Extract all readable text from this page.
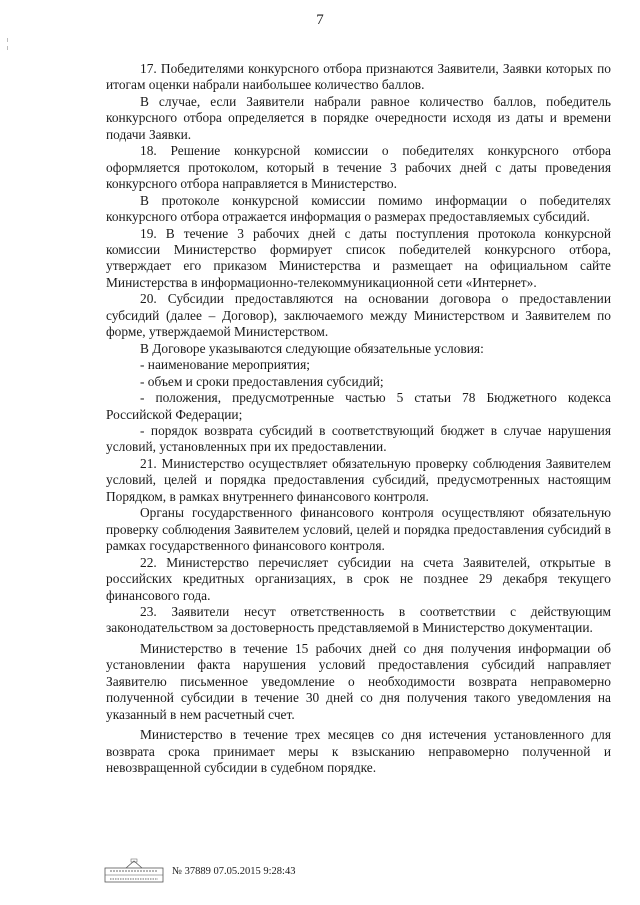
7

17. Победителями конкурсного отбора признаются Заявители, Заявки которых по итогам оценки набрали наибольшее количество баллов.

В случае, если Заявители набрали равное количество баллов, победитель конкурсного отбора определяется в порядке очередности исходя из даты и времени подачи Заявки.

18. Решение конкурсной комиссии о победителях конкурсного отбора оформляется протоколом, который в течение 3 рабочих дней с даты проведения конкурсного отбора направляется в Министерство.

В протоколе конкурсной комиссии помимо информации о победителях конкурсного отбора отражается информация о размерах предоставляемых субсидий.

19. В течение 3 рабочих дней с даты поступления протокола конкурсной комиссии Министерство формирует список победителей конкурсного отбора, утверждает его приказом Министерства и размещает на официальном сайте Министерства в информационно-телекоммуникационной сети «Интернет».

20. Субсидии предоставляются на основании договора о предоставлении субсидий (далее – Договор), заключаемого между Министерством и Заявителем по форме, утверждаемой Министерством.

В Договоре указываются следующие обязательные условия:

- наименование мероприятия;

- объем и сроки предоставления субсидий;

- положения, предусмотренные частью 5 статьи 78 Бюджетного кодекса Российской Федерации;

- порядок возврата субсидий в соответствующий бюджет в случае нарушения условий, установленных при их предоставлении.

21. Министерство осуществляет обязательную проверку соблюдения Заявителем условий, целей и порядка предоставления субсидий, предусмотренных настоящим Порядком, в рамках внутреннего финансового контроля.

Органы государственного финансового контроля осуществляют обязательную проверку соблюдения Заявителем условий, целей и порядка предоставления субсидий в рамках государственного финансового контроля.

22. Министерство перечисляет субсидии на счета Заявителей, открытые в российских кредитных организациях, в срок не позднее 29 декабря текущего финансового года.

23. Заявители несут ответственность в соответствии с действующим законодательством за достоверность представляемой в Министерство документации.

Министерство в течение 15 рабочих дней со дня получения информации об установлении факта нарушения условий предоставления субсидий направляет Заявителю письменное уведомление о необходимости возврата неправомерно полученной субсидии в течение 30 дней со дня получения такого уведомления на указанный в нем расчетный счет.

Министерство в течение трех месяцев со дня истечения установленного для возврата срока принимает меры к взысканию неправомерно полученной и невозвращенной субсидии в судебном порядке.

№ 37889 07.05.2015 9:28:43
